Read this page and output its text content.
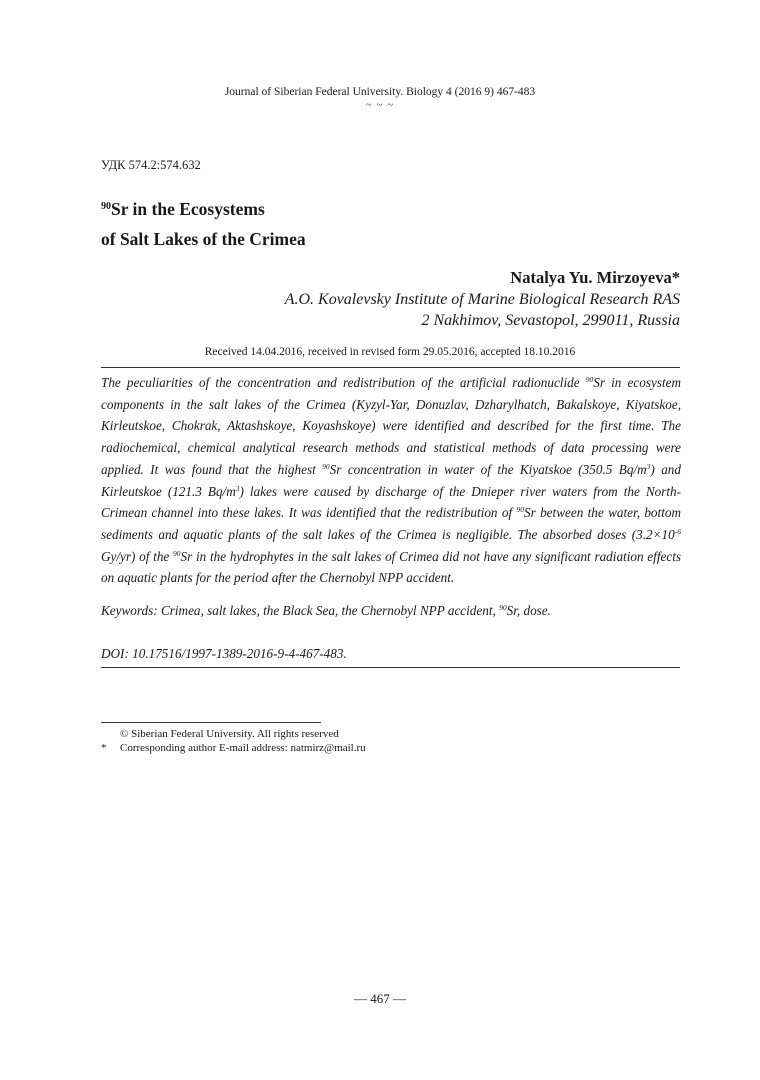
Journal of Siberian Federal University. Biology 4 (2016 9) 467-483
~ ~ ~
УДК 574.2:574.632
$^{90}$Sr in the Ecosystems
of Salt Lakes of the Crimea
Natalya Yu. Mirzoyeva*
A.O. Kovalevsky Institute of Marine Biological Research RAS
2 Nakhimov, Sevastopol, 299011, Russia
Received 14.04.2016, received in revised form 29.05.2016, accepted 18.10.2016
The peculiarities of the concentration and redistribution of the artificial radionuclide $^{90}$Sr in ecosystem components in the salt lakes of the Crimea (Kyzyl-Yar, Donuzlav, Dzharylhatch, Bakalskoye, Kiyatskoe, Kirleutskoe, Chokrak, Aktashskoye, Koyashskoye) were identified and described for the first time. The radiochemical, chemical analytical research methods and statistical methods of data processing were applied. It was found that the highest $^{90}$Sr concentration in water of the Kiyatskoe (350.5 $Bq/m^3$) and Kirleutskoe (121.3 $Bq/m^3$) lakes were caused by discharge of the Dnieper river waters from the North-Crimean channel into these lakes. It was identified that the redistribution of $^{90}$Sr between the water, bottom sediments and aquatic plants of the salt lakes of the Crimea is negligible. The absorbed doses ($3.2\times 10^{-6}$ Gy/yr) of the $^{90}$Sr in the hydrophytes in the salt lakes of Crimea did not have any significant radiation effects on aquatic plants for the period after the Chernobyl NPP accident.
Keywords: Crimea, salt lakes, the Black Sea, the Chernobyl NPP accident, $^{90}$Sr, dose.
DOI: 10.17516/1997-1389-2016-9-4-467-483.
© Siberian Federal University. All rights reserved
* Corresponding author E-mail address: natmirz@mail.ru
— 467 —
